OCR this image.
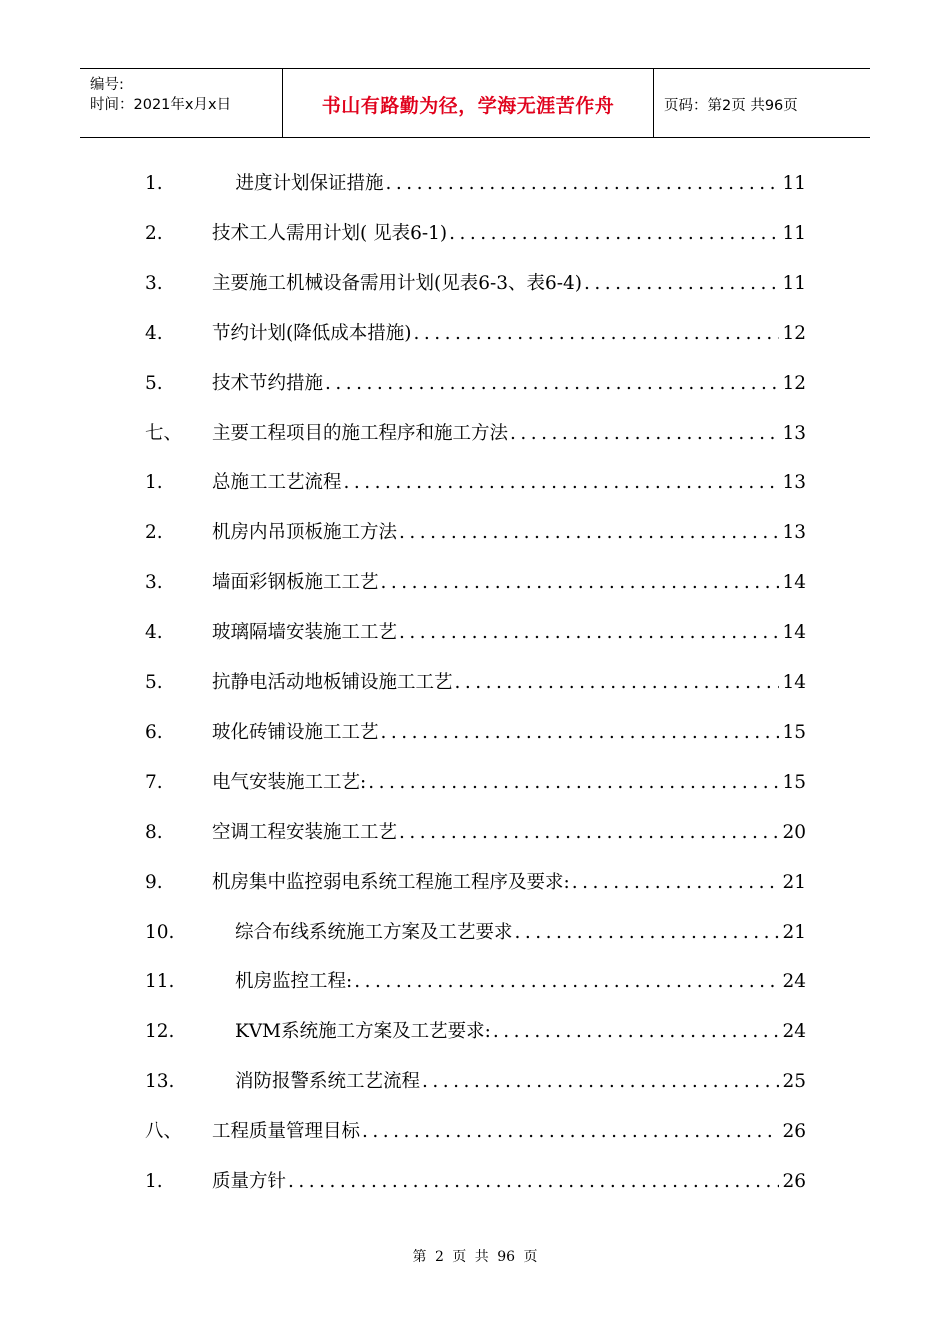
编号:
时间：2021年x月x日	书山有路勤为径，学海无涯苦作舟	页码：第2页 共96页
1.	进度计划保证措施 .....	11
2.	技术工人需用计划( 见表6-1) .....	11
3.	主要施工机械设备需用计划(见表6-3、表6-4) .....	11
4.	节约计划(降低成本措施) .....	12
5.	技术节约措施 .....	12
七、	主要工程项目的施工程序和施工方法 .....	13
1.	总施工工艺流程 .....	13
2.	机房内吊顶板施工方法 .....	13
3.	墙面彩钢板施工工艺 .....	14
4.	玻璃隔墙安装施工工艺 .....	14
5.	抗静电活动地板铺设施工工艺 .....	14
6.	玻化砖铺设施工工艺 .....	15
7.	电气安装施工工艺: .....	15
8.	空调工程安装施工工艺 .....	20
9.	机房集中监控弱电系统工程施工程序及要求: .....	21
10.	综合布线系统施工方案及工艺要求 .....	21
11.	机房监控工程: .....	24
12.	KVM系统施工方案及工艺要求: .....	24
13.	消防报警系统工艺流程 .....	25
八、	工程质量管理目标 .....	26
1.	质量方针 .....	26
第 2 页 共 96 页
